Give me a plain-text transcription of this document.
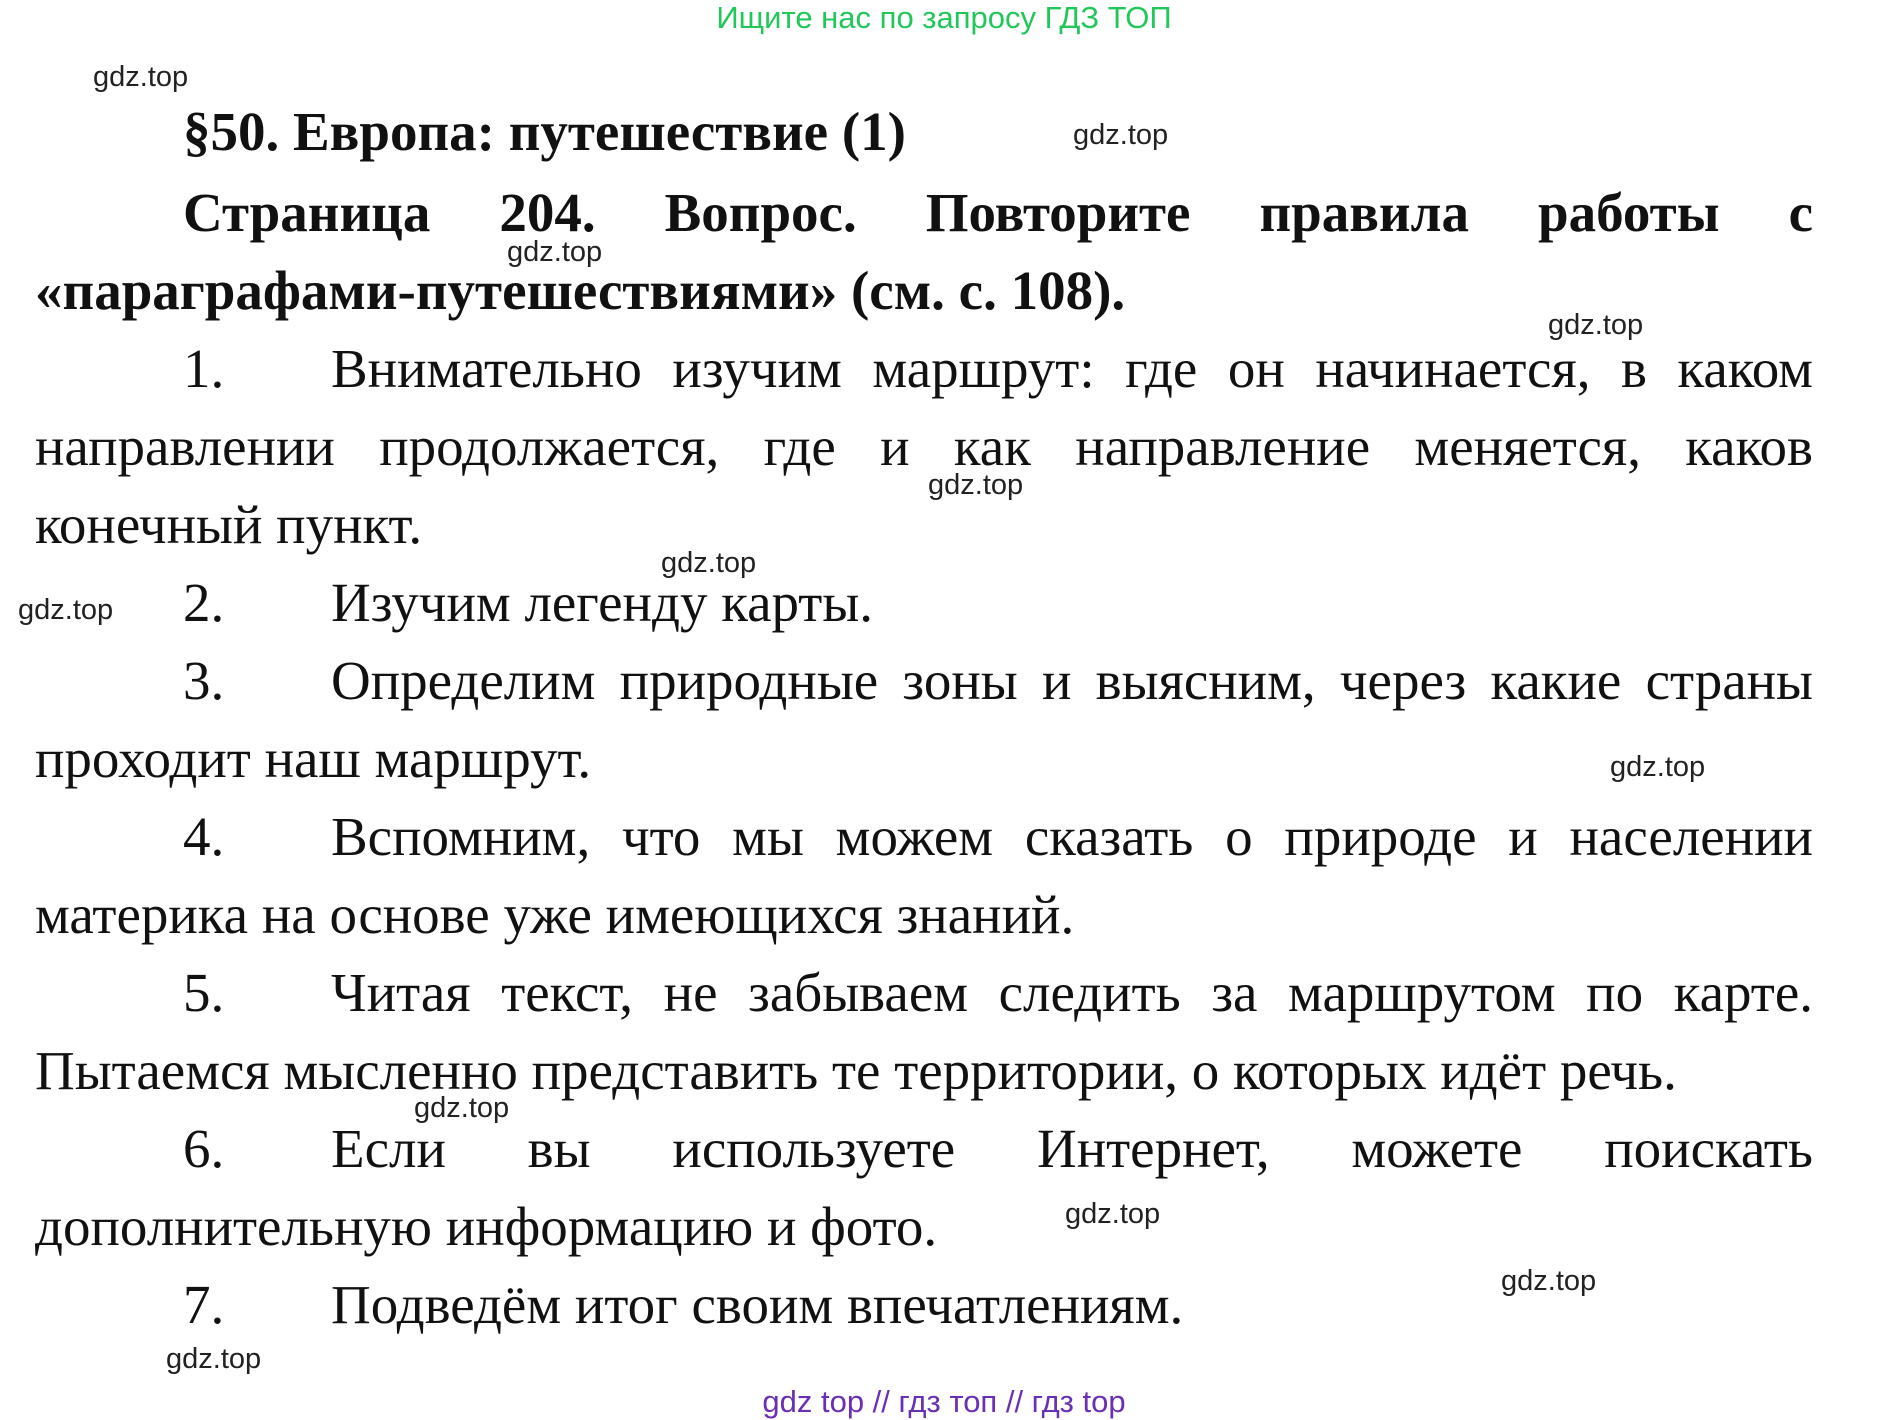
Ищите нас по запросу ГДЗ ТОП
§50. Европа: путешествие (1)
Страница 204. Вопрос. Повторите правила работы с «параграфами-путешествиями» (см. с. 108).

1. Внимательно изучим маршрут: где он начинается, в каком направлении продолжается, где и как направление меняется, каков конечный пункт.

2. Изучим легенду карты.

3. Определим природные зоны и выясним, через какие страны проходит наш маршрут.

4. Вспомним, что мы можем сказать о природе и населении материка на основе уже имеющихся знаний.

5. Читая текст, не забываем следить за маршрутом по карте. Пытаемся мысленно представить те территории, о которых идёт речь.

6. Если вы используете Интернет, можете поискать дополнительную информацию и фото.

7. Подведём итог своим впечатлениям.

gdz.top
gdz.top
gdz.top
gdz.top
gdz.top
gdz.top
gdz.top
gdz.top
gdz.top
gdz.top
gdz.top
gdz.top
gdz top // гдз топ // гдз top
